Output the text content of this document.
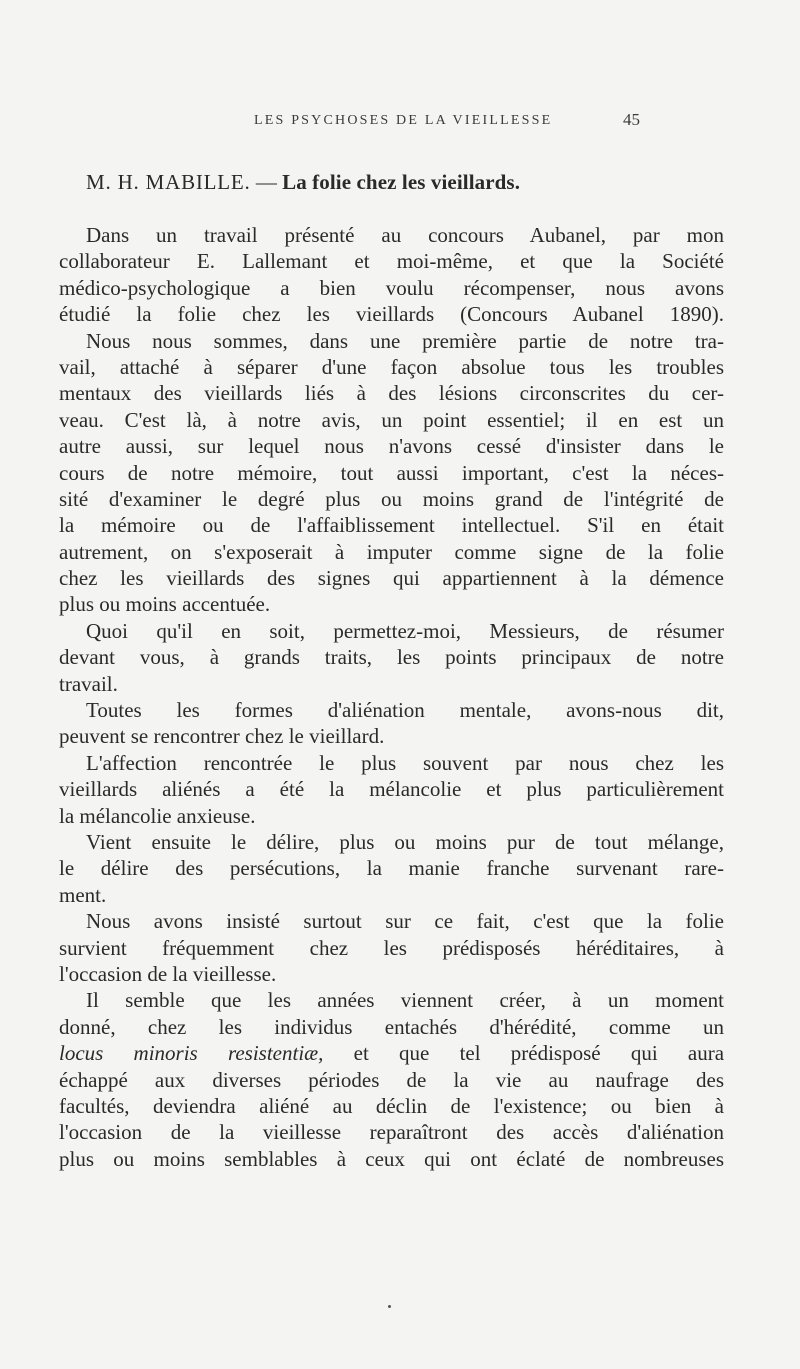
LES PSYCHOSES DE LA VIEILLESSE	45
M. H. MABILLE. — La folie chez les vieillards.
Dans un travail présenté au concours Aubanel, par mon
collaborateur E. Lallemant et moi-même, et que la Société
médico-psychologique a bien voulu récompenser, nous avons
étudié la folie chez les vieillards (Concours Aubanel 1890).
Nous nous sommes, dans une première partie de notre tra-
vail, attaché à séparer d'une façon absolue tous les troubles
mentaux des vieillards liés à des lésions circonscrites du cer-
veau. C'est là, à notre avis, un point essentiel; il en est un
autre aussi, sur lequel nous n'avons cessé d'insister dans le
cours de notre mémoire, tout aussi important, c'est la néces-
sité d'examiner le degré plus ou moins grand de l'intégrité de
la mémoire ou de l'affaiblissement intellectuel. S'il en était
autrement, on s'exposerait à imputer comme signe de la folie
chez les vieillards des signes qui appartiennent à la démence
plus ou moins accentuée.
Quoi qu'il en soit, permettez-moi, Messieurs, de résumer
devant vous, à grands traits, les points principaux de notre
travail.
Toutes les formes d'aliénation mentale, avons-nous dit,
peuvent se rencontrer chez le vieillard.
L'affection rencontrée le plus souvent par nous chez les
vieillards aliénés a été la mélancolie et plus particulièrement
la mélancolie anxieuse.
Vient ensuite le délire, plus ou moins pur de tout mélange,
le délire des persécutions, la manie franche survenant rare-
ment.
Nous avons insisté surtout sur ce fait, c'est que la folie
survient fréquemment chez les prédisposés héréditaires, à
l'occasion de la vieillesse.
Il semble que les années viennent créer, à un moment
donné, chez les individus entachés d'hérédité, comme un
locus minoris resistentiæ, et que tel prédisposé qui aura
échappé aux diverses périodes de la vie au naufrage des
facultés, deviendra aliéné au déclin de l'existence; ou bien à
l'occasion de la vieillesse reparaîtront des accès d'aliénation
plus ou moins semblables à ceux qui ont éclaté de nombreuses
